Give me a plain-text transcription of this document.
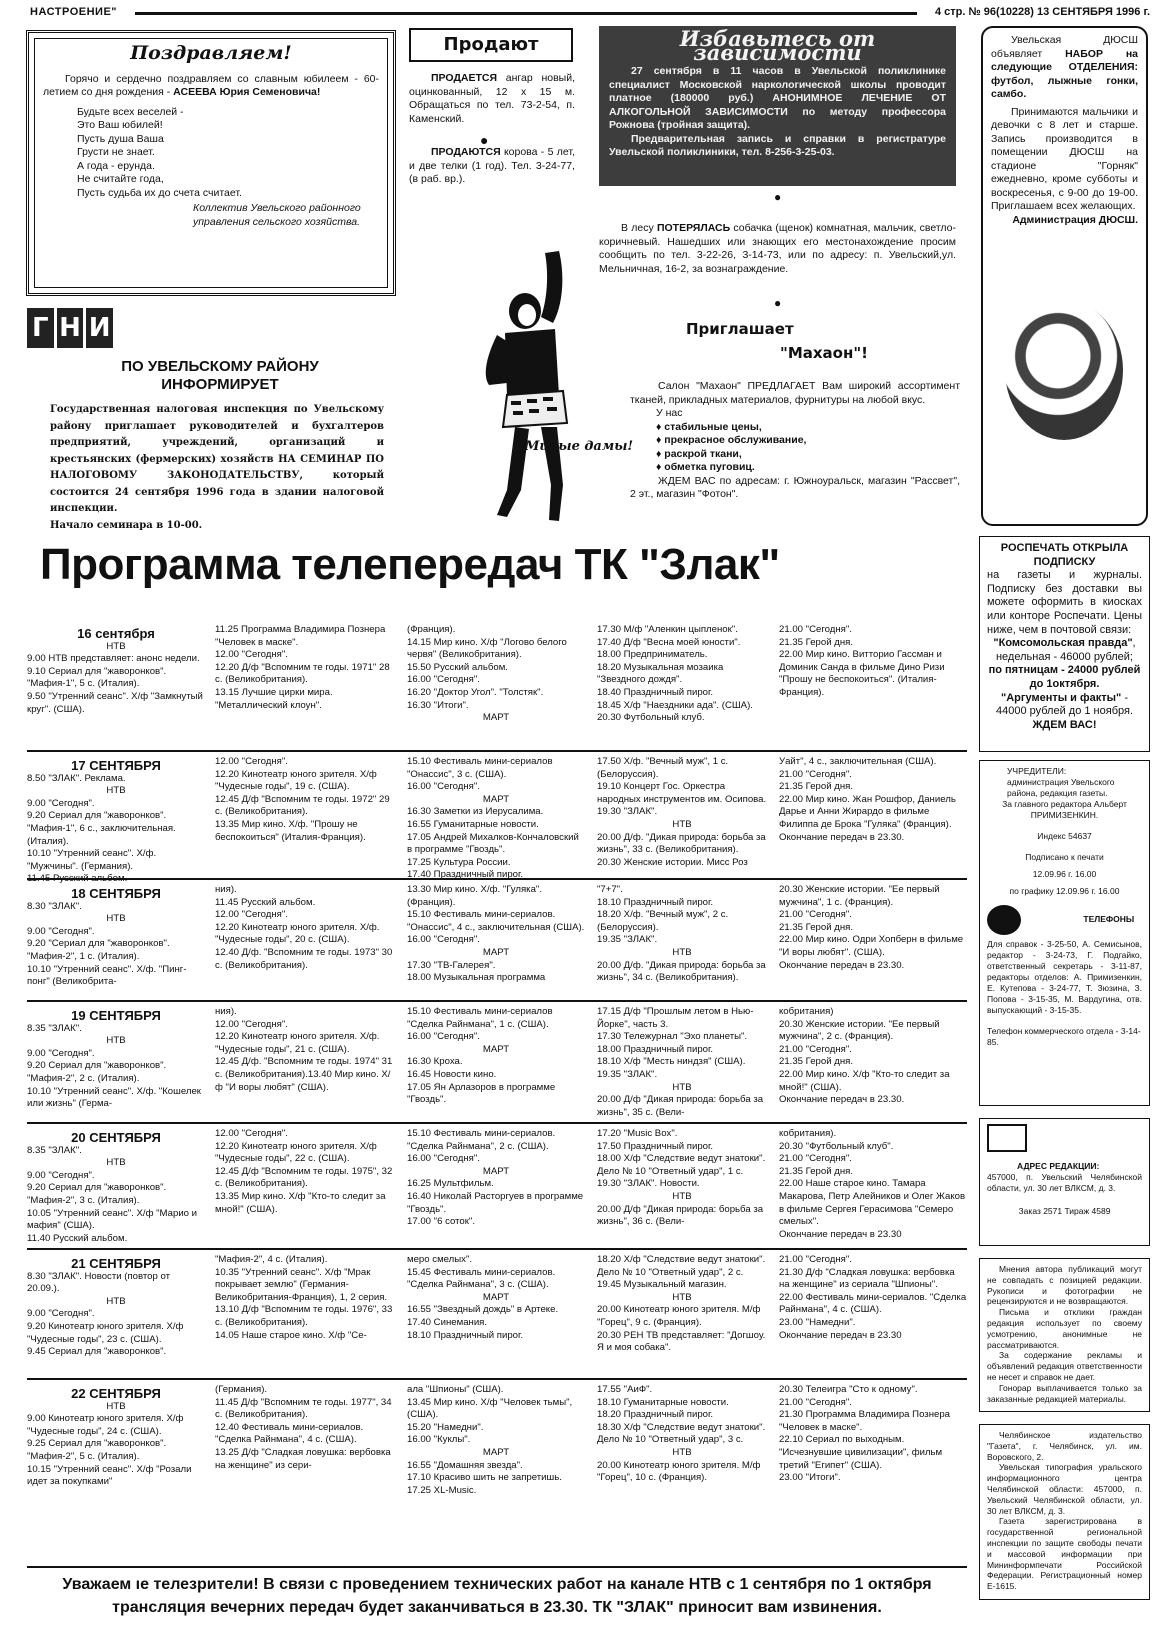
НАСТРОЕНИЕ"	4 стр. № 96(10228) 13 СЕНТЯБРЯ 1996 г.
Поздравляем!

Горячо и сердечно поздравляем со славным юбилеем - 60-летием со дня рождения - АСЕЕВА Юрия Семеновича!

Будьте всех веселей -

Это Ваш юбилей!

Пусть душа Ваша

Грусти не знает.

А года - ерунда.

Не считайте года,

Пусть судьба их до счета считает.

Коллектив Увельского районного управления сельского хозяйства.

Продают
ПРОДАЕТСЯ ангар новый, оцинкованный, 12 x 15 м. Обращаться по тел. 73-2-54, п. Каменский.
●
ПРОДАЮТСЯ корова - 5 лет, и две телки (1 год). Тел. 3-24-77, (в раб. вр.).
Избавьтесь от зависимости

27 сентября в 11 часов в Увельской поликлинике специалист Московской наркологической школы проводит платное (180000 руб.) АНОНИМНОЕ ЛЕЧЕНИЕ ОТ АЛКОГОЛЬНОЙ ЗАВИСИМОСТИ по методу профессора Рожнова (тройная защита).

Предварительная запись и справки в регистратуре Увельской поликлиники, тел. 8-256-3-25-03.

●
В лесу ПОТЕРЯЛАСЬ собачка (щенок) комнатная, мальчик, светло-коричневый. Нашедших или знающих его местонахождение просим сообщить по тел. 3-22-26, 3-14-73, или по адресу: п. Увельский,ул. Мельничная, 16-2, за вознаграждение.
●
Приглашает
"Махаон"!

Салон "Махаон" ПРЕДЛАГАЕТ Вам широкий ассортимент тканей, прикладных материалов, фурнитуры на любой вкус.

У нас

♦ стабильные цены,

♦ прекрасное обслуживание,

♦ раскрой ткани,

♦ обметка пуговиц.

ЖДЕМ ВАС по адресам: г. Южноуральск, магазин "Рассвет", 2 эт., магазин "Фотон".

Милые дамы!

Увельская ДЮСШ объявляет НАБОР на следующие ОТДЕЛЕНИЯ: футбол, лыжные гонки, самбо.

Принимаются мальчики и девочки с 8 лет и старше. Запись производится в помещении ДЮСШ на стадионе "Горняк" ежедневно, кроме субботы и воскресенья, с 9-00 до 19-00. Приглашаем всех желающих.

Администрация ДЮСШ.

Г Н И
ПО УВЕЛЬСКОМУ РАЙОНУ
ИНФОРМИРУЕТ

Государственная налоговая инспекция по Увельскому району приглашает руководителей и бухгалтеров предприятий, учреждений, организаций и крестьянских (фермерских) хозяйств НА СЕМИНАР ПО НАЛОГОВОМУ ЗАКОНОДАТЕЛЬСТВУ, который состоится 24 сентября 1996 года в здании налоговой инспекции.

Начало семинара в 10-00.

Программа телепередач ТК "Злак"	РОСПЕЧАТЬ ОТКРЫЛА ПОДПИСКУ

на газеты и журналы. Подписку без доставки вы можете оформить в киосках или конторе Роспечати. Цены ниже, чем в почтовой связи:

"Комсомольская правда", недельная - 46000 рублей;

по пятницам - 24000 рублей до 1октября.

"Аргументы и факты" - 44000 рублей до 1 ноября.

ЖДЕМ ВАС!

УЧРЕДИТЕЛИ:

администрация Увельского района, редакция газеты.

За главного редактора Альберт ПРИМИЗЕНКИН.

Индекс 54637

Подписано к печати

12.09.96 г. 16.00

по графику 12.09.96 г. 16.00

ТЕЛЕФОНЫ

Для справок - 3-25-50, А. Семисынов, редактор - 3-24-73, Г. Подгайко, ответственный секретарь - 3-11-87, редакторы отделов: А. Примизенкин, Е. Кутепова - 3-24-77, Т. Зюзина, З. Попова - 3-15-35, М. Вардугина, отв. выпускающий - 3-15-35.

Телефон коммерческого отдела - 3-14-85.

АДРЕС РЕДАКЦИИ:

457000, п. Увельский Челябинской области, ул. 30 лет ВЛКСМ, д. 3.

Заказ 2571 Тираж 4589

Мнения автора публикаций могут не совпадать с позицией редакции. Рукописи и фотографии не рецензируются и не возвращаются.

Письма и отклики граждан редакция использует по своему усмотрению, анонимные не рассматриваются.

За содержание рекламы и объявлений редакция ответственности не несет и справок не дает.

Гонорар выплачивается только за заказанные редакцией материалы.

Челябинское издательство "Газета", г. Челябинск, ул. им. Воровского, 2.

Увельская типография уральского информационного центра Челябинской области: 457000, п. Увельский Челябинской области, ул. 30 лет ВЛКСМ, д. 3.

Газета зарегистрирована в государственной региональной инспекции по защите свободы печати и массовой информации при Мининформпечати Российской Федерации. Регистрационный номер Е-1615.

16 сентября
НТВ
9.00 НТВ представляет: анонс недели.
9.10 Сериал для "жаворонков". "Мафия-1", 5 с. (Италия).
9.50 "Утренний сеанс". Х/ф "Замкнутый круг". (США).
11.25 Программа Владимира Познера "Человек в маске".
12.00 "Сегодня".
12.20 Д/ф "Вспомним те годы. 1971" 28 с. (Великобритания).
13.15 Лучшие цирки мира. "Металлический клоун".
(Франция).
14.15 Мир кино. Х/ф "Логово белого червя" (Великобритания).
15.50 Русский альбом.
16.00 "Сегодня".
16.20 "Доктор Угол". "Толстяк".
16.30 "Итоги".
МАРТ
17.30 М/ф "Аленкин цыпленок".
17.40 Д/ф "Весна моей юности".
18.00 Предприниматель.
18.20 Музыкальная мозаика "Звездного дождя".
18.40 Праздничный пирог.
18.45 Х/ф "Наездники ада". (США).
20.30 Футбольный клуб.
21.00 "Сегодня".
21.35 Герой дня.
22.00 Мир кино. Витторио Гассман и Доминик Санда в фильме Дино Ризи "Прошу не беспокоиться". (Италия-Франция).
17 СЕНТЯБРЯ
8.50 "ЗЛАК". Реклама.
НТВ
9.00 "Сегодня".
9.20 Сериал для "жаворонков". "Мафия-1", 6 с., заключительная. (Италия).
10.10 "Утренний сеанс". Х/ф. "Мужчины". (Германия).
11.45 Русский альбом.
12.00 "Сегодня".
12.20 Кинотеатр юного зрителя. Х/ф "Чудесные годы", 19 с. (США).
12.45 Д/ф "Вспомним те годы. 1972" 29 с. (Великобритания).
13.35 Мир кино. Х/ф. "Прошу не беспокоиться" (Италия-Франция).
15.10 Фестиваль мини-сериалов "Онассис", 3 с. (США).
16.00 "Сегодня".
МАРТ
16.30 Заметки из Иерусалима.
16.55 Гуманитарные новости.
17.05 Андрей Михалков-Кончаловский в программе "Гвоздь".
17.25 Культура России.
17.40 Праздничный пирог.
17.50 Х/ф. "Вечный муж", 1 с. (Белоруссия).
19.10 Концерт Гос. Оркестра народных инструментов им. Осипова.
19.30 "ЗЛАК".
НТВ
20.00 Д/ф. "Дикая природа: борьба за жизнь", 33 с. (Великобритания).
20.30 Женские истории. Мисс Роз
Уайт", 4 с., заключительная (США).
21.00 "Сегодня".
21.35 Герой дня.
22.00 Мир кино. Жан Рошфор, Даниель Дарье и Анни Жирардо в фильме Филиппа де Брока "Гуляка" (Франция).
Окончание передач в 23.30.
18 СЕНТЯБРЯ
8.30 "ЗЛАК".
НТВ
9.00 "Сегодня".
9.20 "Сериал для "жаворонков". "Мафия-2", 1 с. (Италия).
10.10 "Утренний сеанс". Х/ф. "Пинг-понг" (Великобрита-
ния).
11.45 Русский альбом.
12.00 "Сегодня".
12.20 Кинотеатр юного зрителя. Х/ф. "Чудесные годы", 20 с. (США).
12.40 Д/ф. "Вспомним те годы. 1973" 30 с. (Великобритания).
13.30 Мир кино. Х/ф. "Гуляка". (Франция).
15.10 Фестиваль мини-сериалов. "Онассис", 4 с., заключительная (США).
16.00 "Сегодня".
МАРТ
17.30 "ТВ-Галерея".
18.00 Музыкальная программа
"7+7".
18.10 Праздничный пирог.
18.20 Х/ф. "Вечный муж", 2 с. (Белоруссия).
19.35 "ЗЛАК".
НТВ
20.00 Д/ф. "Дикая природа: борьба за жизнь", 34 с. (Великобритания).
20.30 Женские истории. "Ее первый мужчина", 1 с. (Франция).
21.00 "Сегодня".
21.35 Герой дня.
22.00 Мир кино. Одри Хопберн в фильме "И воры любят". (США).
Окончание передач в 23.30.
19 СЕНТЯБРЯ
8.35 "ЗЛАК".
НТВ
9.00 "Сегодня".
9.20 Сериал для "жаворонков". "Мафия-2", 2 с. (Италия).
10.10 "Утренний сеанс". Х/ф. "Кошелек или жизнь" (Герма-
ния).
12.00 "Сегодня".
12.20 Кинотеатр юного зрителя. Х/ф. "Чудесные годы", 21 с. (США).
12.45 Д/ф. "Вспомним те годы. 1974" 31 с. (Великобритания).13.40 Мир кино. Х/ф "И воры любят" (США).
15.10 Фестиваль мини-сериалов "Сделка Райнмана", 1 с. (США).
16.00 "Сегодня".
МАРТ
16.30 Кроха.
16.45 Новости кино.
17.05 Ян Арлазоров в программе "Гвоздь".
17.15 Д/ф "Прошлым летом в Нью-Йорке", часть 3.
17.30 Тележурнал "Эхо планеты".
18.00 Праздничный пирог.
18.10 Х/ф "Месть ниндзя" (США).
19.35 "ЗЛАК".
НТВ
20.00 Д/ф "Дикая природа: борьба за жизнь", 35 с. (Вели-
кобритания)
20.30 Женские истории. "Ее первый мужчина", 2 с. (Франция).
21.00 "Сегодня".
21.35 Герой дня.
22.00 Мир кино. Х/ф "Кто-то следит за мной!" (США).
Окончание передач в 23.30.
20 СЕНТЯБРЯ
8.35 "ЗЛАК".
НТВ
9.00 "Сегодня".
9.20 Сериал для "жаворонков". "Мафия-2", 3 с. (Италия).
10.05 "Утренний сеанс". Х/ф "Марио и мафия" (США).
11.40 Русский альбом.
12.00 "Сегодня".
12.20 Кинотеатр юного зрителя. Х/ф "Чудесные годы", 22 с. (США).
12.45 Д/ф "Вспомним те годы. 1975", 32 с. (Великобритания).
13.35 Мир кино. Х/ф "Кто-то следит за мной!" (США).
15.10 Фестиваль мини-сериалов. "Сделка Райнмана", 2 с. (США).
16.00 "Сегодня".
МАРТ
16.25 Мультфильм.
16.40 Николай Расторгуев в программе "Гвоздь".
17.00 "6 соток".
17.20 "Music Box".
17.50 Праздничный пирог.
18.00 Х/ф "Следствие ведут знатоки". Дело № 10 "Ответный удар", 1 с.
19.30 "ЗЛАК". Новости.
НТВ
20.00 Д/ф "Дикая природа: борьба за жизнь", 36 с. (Вели-
кобритания).
20.30 "Футбольный клуб".
21.00 "Сегодня".
21.35 Герой дня.
22.00 Наше старое кино. Тамара Макарова, Петр Алейников и Олег Жаков в фильме Сергея Герасимова "Семеро смелых".
Окончание передач в 23.30
21 СЕНТЯБРЯ
8.30 "ЗЛАК". Новости (повтор от 20.09.).
НТВ
9.00 "Сегодня".
9.20 Кинотеатр юного зрителя. Х/ф "Чудесные годы", 23 с. (США).
9.45 Сериал для "жаворонков".
"Мафия-2", 4 с. (Италия).
10.35 "Утренний сеанс". Х/ф "Мрак покрывает землю" (Германия-Великобритания-Франция), 1, 2 серия.
13.10 Д/ф "Вспомним те годы. 1976", 33 с. (Великобритания).
14.05 Наше старое кино. Х/ф "Се-
меро смелых".
15.45 Фестиваль мини-сериалов. "Сделка Райнмана", 3 с. (США).
МАРТ
16.55 "Звездный дождь" в Артеке.
17.40 Синемания.
18.10 Праздничный пирог.
18.20 Х/ф "Следствие ведут знатоки". Дело № 10 "Ответный удар", 2 с.
19.45 Музыкальный магазин.
НТВ
20.00 Кинотеатр юного зрителя. М/ф "Горец", 9 с. (Франция).
20.30 РЕН ТВ представляет: "Догшоу. Я и моя собака".
21.00 "Сегодня".
21.30 Д/ф "Сладкая ловушка: вербовка на женщине" из сериала "Шпионы".
22.00 Фестиваль мини-сериалов. "Сделка Райнмана", 4 с. (США).
23.00 "Намедни".
Окончание передач в 23.30
22 СЕНТЯБРЯ
НТВ
9.00 Кинотеатр юного зрителя. Х/ф "Чудесные годы", 24 с. (США).
9.25 Сериал для "жаворонков". "Мафия-2", 5 с. (Италия).
10.15 "Утренний сеанс". Х/ф "Розали идет за покупками"
(Германия).
11.45 Д/ф "Вспомним те годы. 1977", 34 с. (Великобритания).
12.40 Фестиваль мини-сериалов. "Сделка Райнмана", 4 с. (США).
13.25 Д/ф "Сладкая ловушка: вербовка на женщине" из сери-
ала "Шпионы" (США).
13.45 Мир кино. Х/ф "Человек тьмы", (США).
15.20 "Намедни".
16.00 "Куклы".
МАРТ
16.55 "Домашняя звезда".
17.10 Красиво шить не запретишь.
17.25 XL-Music.
17.55 "АиФ".
18.10 Гуманитарные новости.
18.20 Праздничный пирог.
18.30 Х/ф "Следствие ведут знатоки". Дело № 10 "Ответный удар", 3 с.
НТВ
20.00 Кинотеатр юного зрителя. М/ф "Горец", 10 с. (Франция).
20.30 Телеигра "Сто к одному".
21.00 "Сегодня".
21.30 Программа Владимира Познера "Человек в маске".
22.10 Сериал по выходным. "Исчезнувшие цивилизации", фильм третий "Египет" (США).
23.00 "Итоги".
Уважаем ıе телезрители! В связи с проведением технических работ на канале НТВ с 1 сентября по 1 октября трансляция вечерних передач будет заканчиваться в 23.30. ТК "ЗЛАК" приносит вам извинения.
